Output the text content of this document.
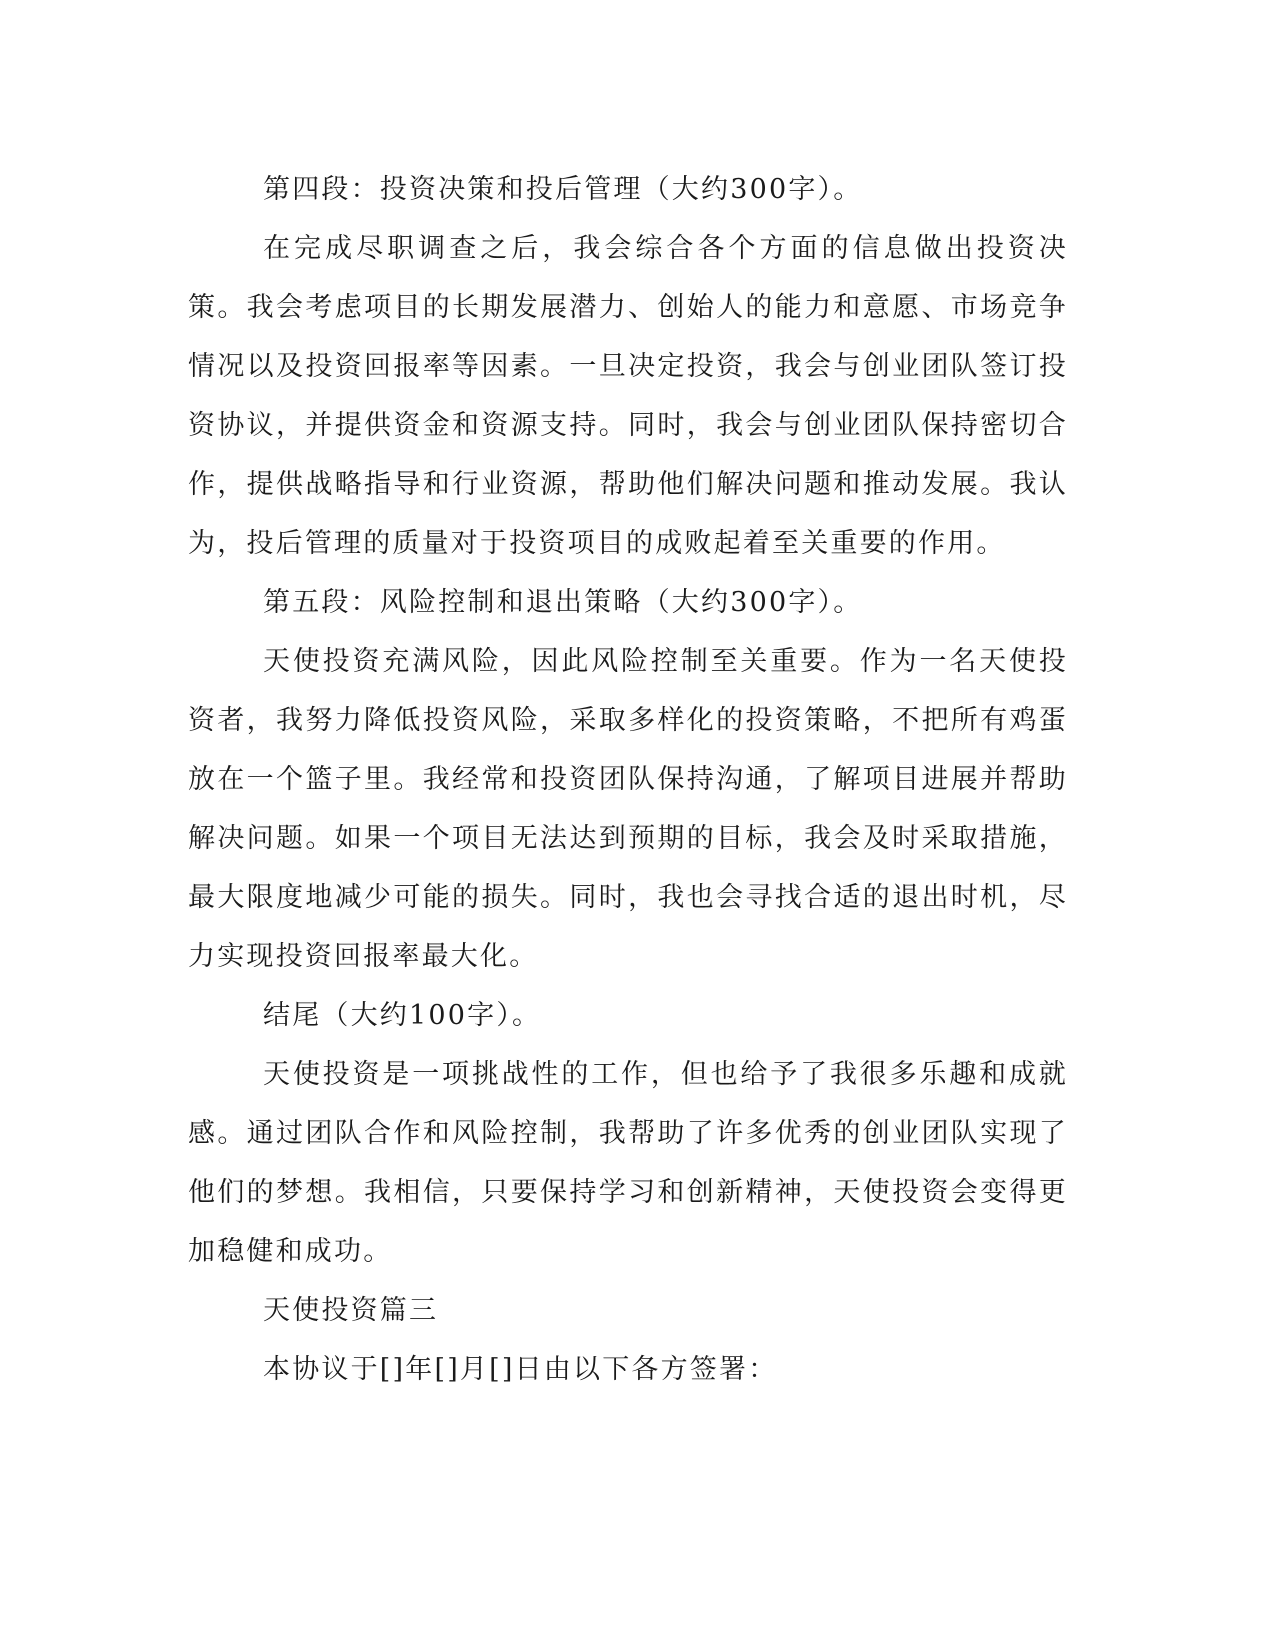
第四段：投资决策和投后管理（大约300字）。

在完成尽职调查之后，我会综合各个方面的信息做出投资决策。我会考虑项目的长期发展潜力、创始人的能力和意愿、市场竞争情况以及投资回报率等因素。一旦决定投资，我会与创业团队签订投资协议，并提供资金和资源支持。同时，我会与创业团队保持密切合作，提供战略指导和行业资源，帮助他们解决问题和推动发展。我认为，投后管理的质量对于投资项目的成败起着至关重要的作用。

第五段：风险控制和退出策略（大约300字）。

天使投资充满风险，因此风险控制至关重要。作为一名天使投资者，我努力降低投资风险，采取多样化的投资策略，不把所有鸡蛋放在一个篮子里。我经常和投资团队保持沟通，了解项目进展并帮助解决问题。如果一个项目无法达到预期的目标，我会及时采取措施，最大限度地减少可能的损失。同时，我也会寻找合适的退出时机，尽力实现投资回报率最大化。

结尾（大约100字）。

天使投资是一项挑战性的工作，但也给予了我很多乐趣和成就感。通过团队合作和风险控制，我帮助了许多优秀的创业团队实现了他们的梦想。我相信，只要保持学习和创新精神，天使投资会变得更加稳健和成功。

天使投资篇三

本协议于[]年[]月[]日由以下各方签署：
